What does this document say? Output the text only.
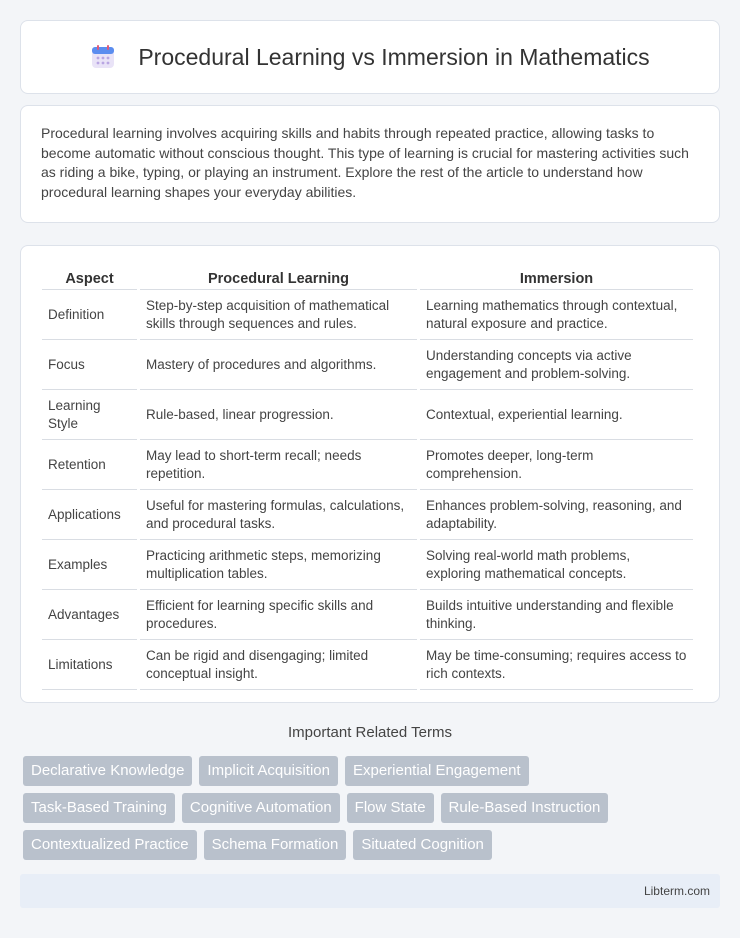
Procedural Learning vs Immersion in Mathematics

Procedural learning involves acquiring skills and habits through repeated practice, allowing tasks to become automatic without conscious thought. This type of learning is crucial for mastering activities such as riding a bike, typing, or playing an instrument. Explore the rest of the article to understand how procedural learning shapes your everyday abilities.

Aspect	Procedural Learning	Immersion
Definition	Step-by-step acquisition of mathematical skills through sequences and rules.	Learning mathematics through contextual, natural exposure and practice.
Focus	Mastery of procedures and algorithms.	Understanding concepts via active engagement and problem-solving.
Learning Style	Rule-based, linear progression.	Contextual, experiential learning.
Retention	May lead to short-term recall; needs repetition.	Promotes deeper, long-term comprehension.
Applications	Useful for mastering formulas, calculations, and procedural tasks.	Enhances problem-solving, reasoning, and adaptability.
Examples	Practicing arithmetic steps, memorizing multiplication tables.	Solving real-world math problems, exploring mathematical concepts.
Advantages	Efficient for learning specific skills and procedures.	Builds intuitive understanding and flexible thinking.
Limitations	Can be rigid and disengaging; limited conceptual insight.	May be time-consuming; requires access to rich contexts.
Important Related Terms
Declarative Knowledge	Implicit Acquisition	Experiential Engagement
Task-Based Training	Cognitive Automation	Flow State	Rule-Based Instruction
Contextualized Practice	Schema Formation	Situated Cognition
Libterm.com
